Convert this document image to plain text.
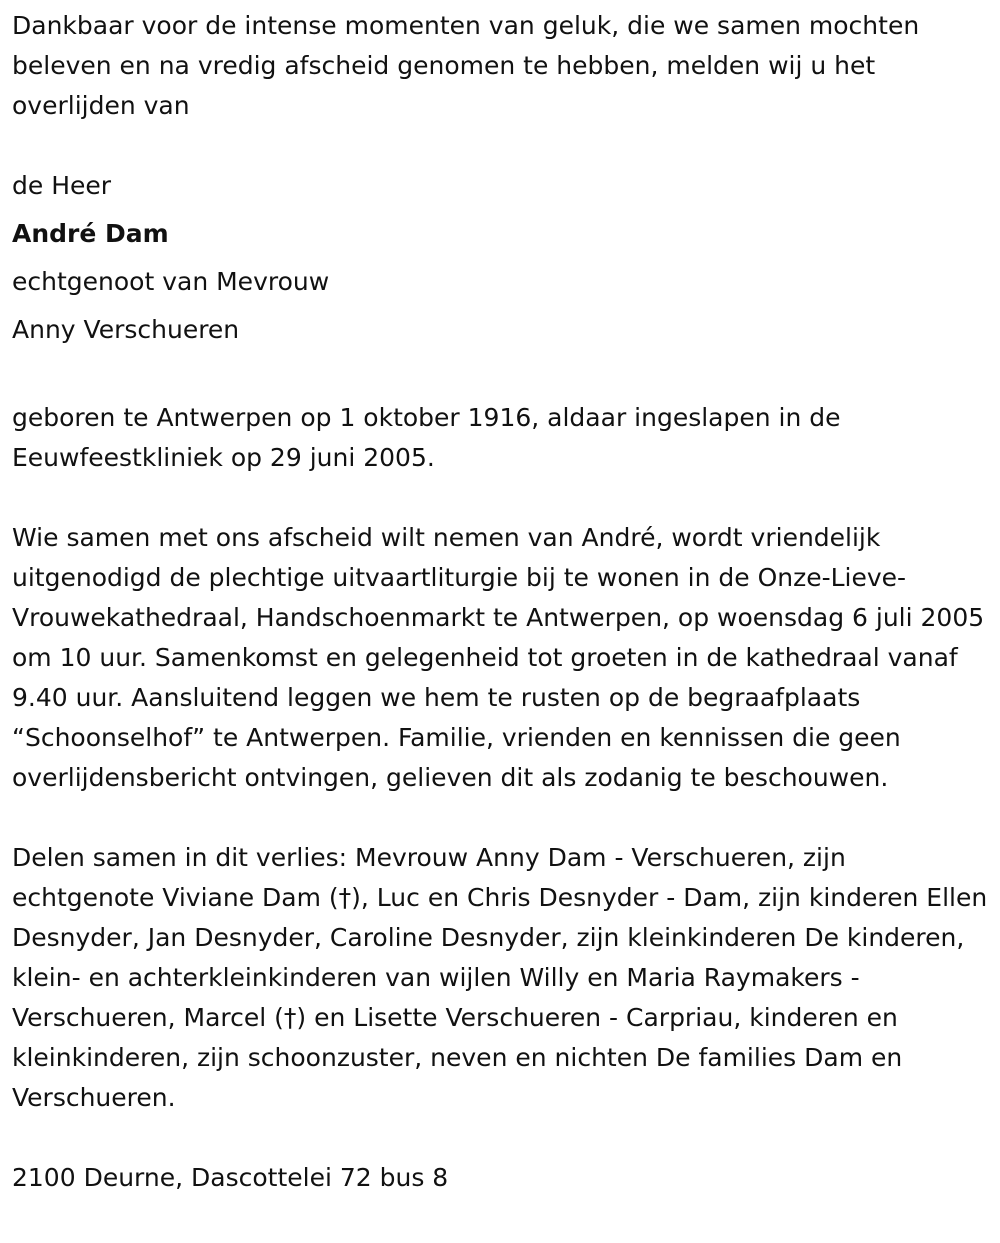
Dankbaar voor de intense momenten van geluk, die we samen mochten beleven en na vredig afscheid genomen te hebben, melden wij u het overlijden van

de Heer

André Dam

echtgenoot van Mevrouw

Anny Verschueren

geboren te Antwerpen op 1 oktober 1916, aldaar ingeslapen in de Eeuwfeestkliniek op 29 juni 2005.

Wie samen met ons afscheid wilt nemen van André, wordt vriendelijk uitgenodigd de plechtige uitvaartliturgie bij te wonen in de Onze-Lieve-Vrouwekathedraal, Handschoenmarkt te Antwerpen, op woensdag 6 juli 2005 om 10 uur. Samenkomst en gelegenheid tot groeten in de kathedraal vanaf 9.40 uur. Aansluitend leggen we hem te rusten op de begraafplaats “Schoonselhof” te Antwerpen. Familie, vrienden en kennissen die geen overlijdensbericht ontvingen, gelieven dit als zodanig te beschouwen.

Delen samen in dit verlies: Mevrouw Anny Dam - Verschueren, zijn echtgenote Viviane Dam (†), Luc en Chris Desnyder - Dam, zijn kinderen Ellen Desnyder, Jan Desnyder, Caroline Desnyder, zijn kleinkinderen De kinderen, klein- en achterkleinkinderen van wijlen Willy en Maria Raymakers - Verschueren, Marcel (†) en Lisette Verschueren - Carpriau, kinderen en kleinkinderen, zijn schoonzuster, neven en nichten De families Dam en Verschueren.

2100 Deurne, Dascottelei 72 bus 8
